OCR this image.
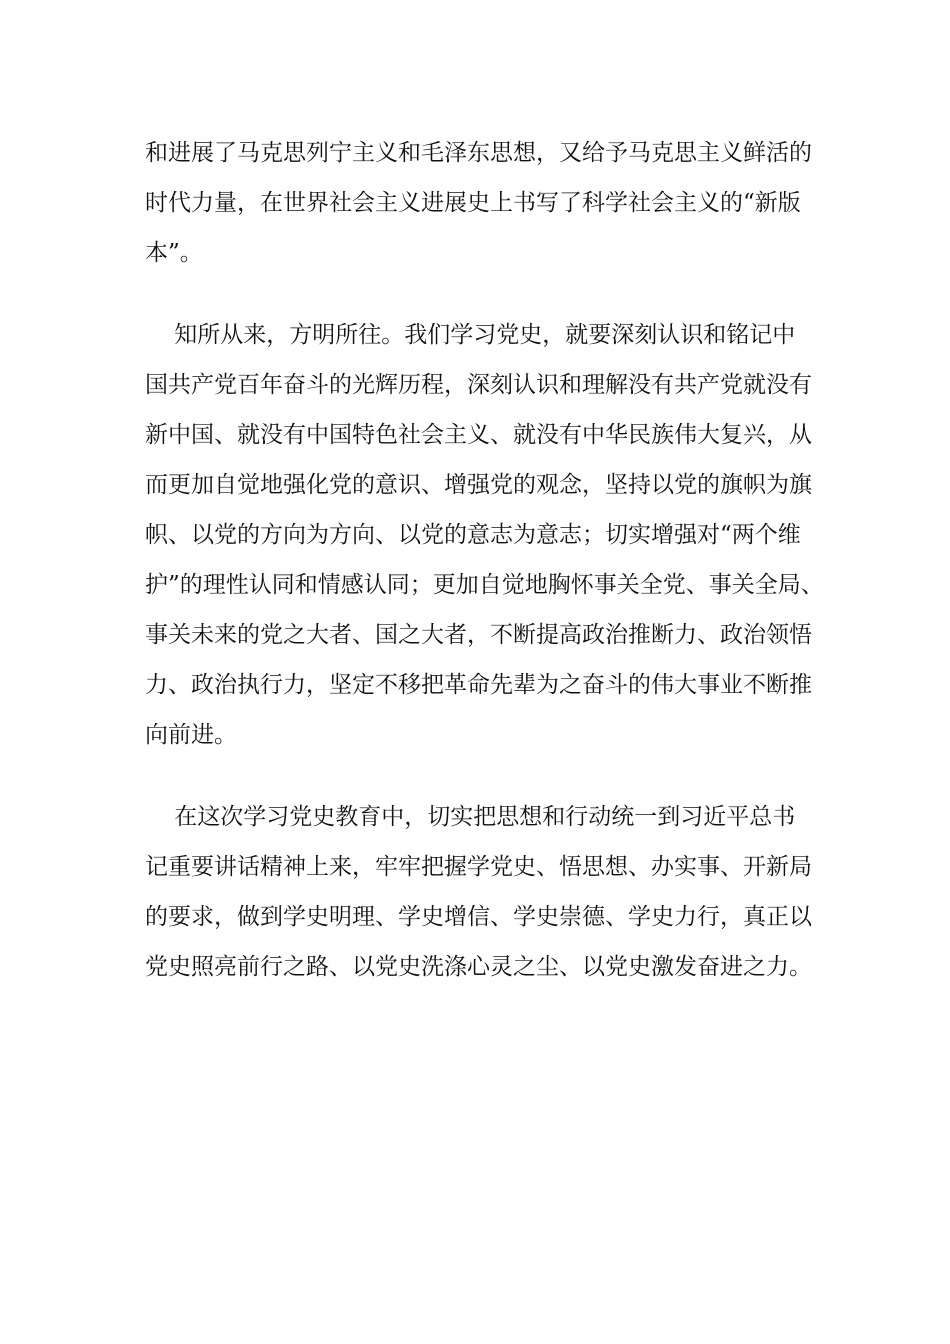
和进展了马克思列宁主义和毛泽东思想，又给予马克思主义鲜活的
时代力量，在世界社会主义进展史上书写了科学社会主义的“新版
本”。
知所从来，方明所往。我们学习党史，就要深刻认识和铭记中
国共产党百年奋斗的光辉历程，深刻认识和理解没有共产党就没有
新中国、就没有中国特色社会主义、就没有中华民族伟大复兴，从
而更加自觉地强化党的意识、增强党的观念，坚持以党的旗帜为旗
帜、以党的方向为方向、以党的意志为意志；切实增强对“两个维
护”的理性认同和情感认同；更加自觉地胸怀事关全党、事关全局、
事关未来的党之大者、国之大者，不断提高政治推断力、政治领悟
力、政治执行力，坚定不移把革命先辈为之奋斗的伟大事业不断推
向前进。
在这次学习党史教育中，切实把思想和行动统一到习近平总书
记重要讲话精神上来，牢牢把握学党史、悟思想、办实事、开新局
的要求，做到学史明理、学史增信、学史崇德、学史力行，真正以
党史照亮前行之路、以党史洗涤心灵之尘、以党史激发奋进之力。
